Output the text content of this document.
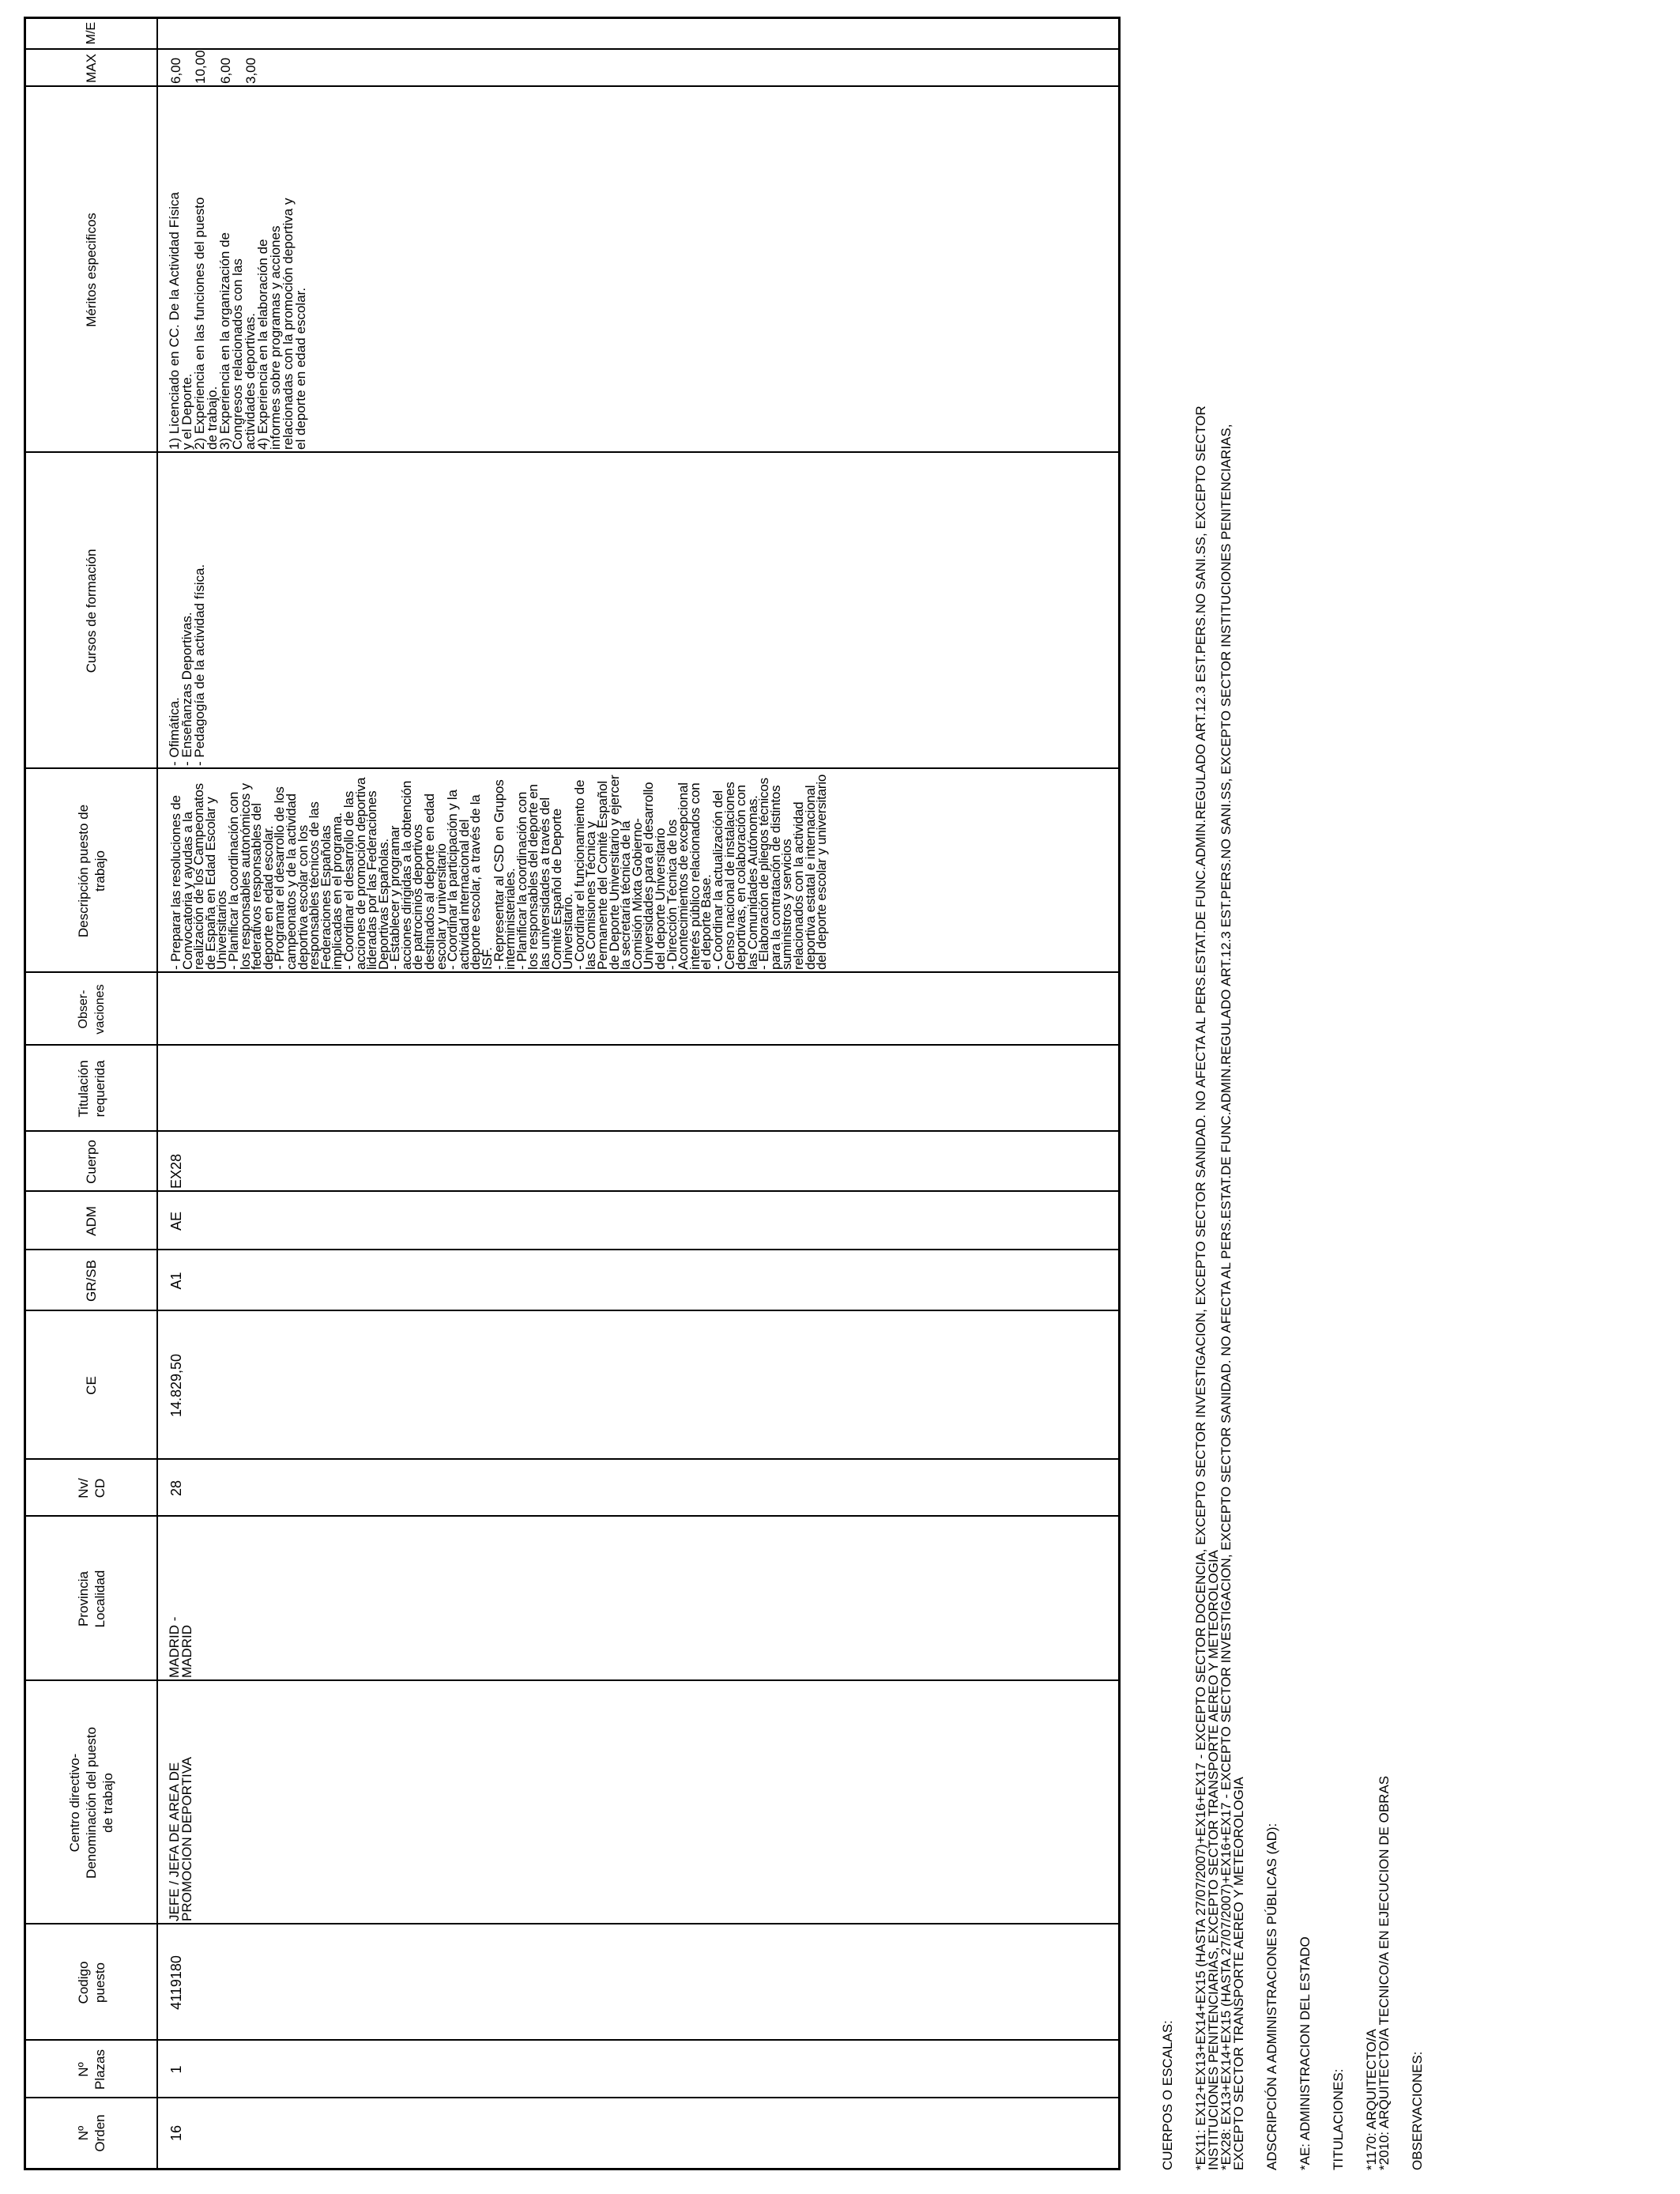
Nº
Orden
Nº
Plazas
Codigo
puesto
Centro directivo-
Denominación del puesto
de trabajo
Provincia
Localidad
Nv/
CD
CE
GR/SB
ADM
Cuerpo
Titulación
requerida
Obser-
vaciones
Descripción puesto de
trabajo
Cursos de formación
Méritos especificos
MAX
M/E
16
1
4119180
JEFE / JEFA DE AREA DE
PROMOCION DEPORTIVA
MADRID -
MADRID
28
14.829,50
A1
AE
EX28
- Preparar las resoluciones de
Convocatoria y ayudas a la
realización de los Campeonatos
de España en Edad Escolar y
Universitarios
- Planificar la coordinación con
los responsables autonómicos y
federativos responsables del
deporte en edad escolar.
- Programar el desarrollo de los
campeonatos y de la actividad
deportiva escolar con los
responsables técnicos de las
Federaciones Españolas
implicadas en el programa.
- Coordinar el desarrollo de las
acciones de promoción deportiva
lideradas por las Federaciones
Deportivas Españolas.
- Establecer y programar
acciones dirigidas a la obtención
de patrocinios deportivos
destinados al deporte en edad
escolar y universitario
- Coordinar la participación y la
actividad internacional del
deporte escolar, a través de la
ISF.
- Representar al CSD en Grupos
interministeriales.
- Planificar la coordinación con
los responsables del deporte en
las universidades a través del
Comité Español de Deporte
Universitario.
- Coordinar el funcionamiento de
las Comisiones Técnica y
Permanente del Comité Español
de Deporte Universitario y ejercer
la secretaría técnica de la
Comisión Mixta Gobierno-
Universidades para el desarrollo
del deporte Universitario
- Dirección Técnica de los
Acontecimientos de excepcional
interés público relacionados con
el deporte Base.
- Coordinar la actualización del
Censo nacional de instalaciones
deportivas, en colaboración con
las Comunidades Autónomas.
- Elaboración de pliegos técnicos
para la contratación de distintos
suministros y servicios
relacionados con la actividad
deportiva estatal e internacional
del deporte escolar y universitario
- Ofimática.
- Enseñanzas Deportivas.
- Pedagogía de la actividad física.
1) Licenciado en CC. De la Actividad Física
y el Deporte.
2) Experiencia en las funciones del puesto
de trabajo.
3) Experiencia en la organización de
Congresos relacionados con las
actividades deportivas.
4) Experiencia en la elaboración de
informes sobre programas y acciones
relacionadas con la promoción deportiva y
el deporte en edad escolar.
6,00 10,00 6,00 3,00
CUERPOS O ESCALAS: *EX11: EX12+EX13+EX14+EX15 (HASTA 27/07/2007)+EX16+EX17 - EXCEPTO SECTOR DOCENCIA, EXCEPTO SECTOR INVESTIGACION, EXCEPTO SECTOR SANIDAD. NO AFECTA AL PERS.ESTAT.DE FUNC.ADMIN.REGULADO ART.12.3 EST.PERS.NO SANI.SS, EXCEPTO SECTOR
INSTITUCIONES PENITENCIARIAS, EXCEPTO SECTOR TRANSPORTE AEREO Y METEOROLOGIA
*EX28: EX13+EX14+EX15 (HASTA 27/07/2007)+EX16+EX17 - EXCEPTO SECTOR INVESTIGACION, EXCEPTO SECTOR SANIDAD. NO AFECTA AL PERS.ESTAT.DE FUNC.ADMIN.REGULADO ART.12.3 EST.PERS.NO SANI.SS, EXCEPTO SECTOR INSTITUCIONES PENITENCIARIAS,
EXCEPTO SECTOR TRANSPORTE AEREO Y METEOROLOGIA ADSCRIPCIÓN A ADMINISTRACIONES PÚBLICAS (AD): *AE: ADMINISTRACION DEL ESTADO TITULACIONES: *1170: ARQUITECTO/A
*2010: ARQUITECTO/A TECNICO/A EN EJECUCION DE OBRAS OBSERVACIONES:
